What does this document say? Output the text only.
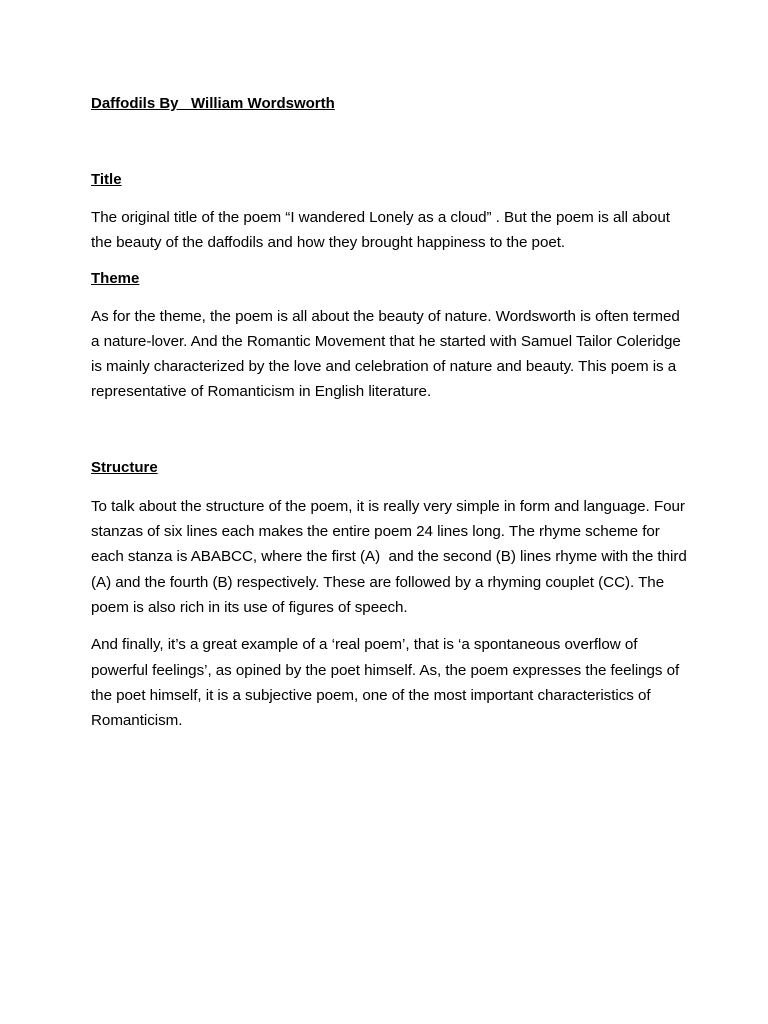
Daffodils By   William Wordsworth
Title

The original title of the poem “I wandered Lonely as a cloud” . But the poem is all about the beauty of the daffodils and how they brought happiness to the poet.

Theme

As for the theme, the poem is all about the beauty of nature. Wordsworth is often termed a nature-lover. And the Romantic Movement that he started with Samuel Tailor Coleridge is mainly characterized by the love and celebration of nature and beauty. This poem is a representative of Romanticism in English literature.

Structure

To talk about the structure of the poem, it is really very simple in form and language. Four stanzas of six lines each makes the entire poem 24 lines long. The rhyme scheme for each stanza is ABABCC, where the first (A)  and the second (B) lines rhyme with the third (A) and the fourth (B) respectively. These are followed by a rhyming couplet (CC). The poem is also rich in its use of figures of speech.

And finally, it’s a great example of a ‘real poem’, that is ‘a spontaneous overflow of powerful feelings’, as opined by the poet himself. As, the poem expresses the feelings of the poet himself, it is a subjective poem, one of the most important characteristics of Romanticism.
